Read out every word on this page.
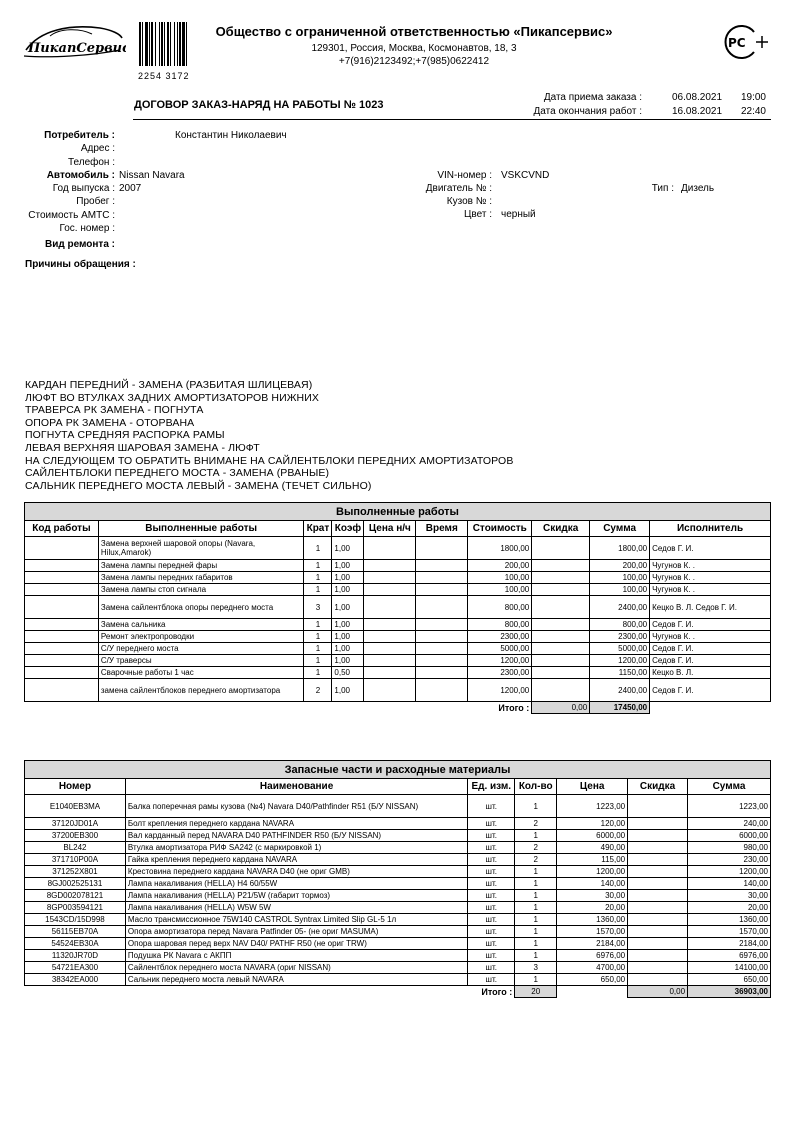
ПикапСервис
2254 3172
Общество с ограниченной ответственностью «Пикапсервис»
129301, Россия, Москва, Космонавтов, 18, 3
+7(916)2123492;+7(985)0622412
РС
ДОГОВОР ЗАКАЗ-НАРЯД НА РАБОТЫ № 1023
Дата приема заказа :	06.08.2021 19:00
Дата окончания работ :	16.08.2021 22:40
Потребитель :	Константин Николаевич
Адрес :
Телефон :
Автомобиль : Nissan Navara
Год выпуска : 2007
Пробег :
Стоимость АМТС :
Гос. номер :
Вид ремонта :
VIN-номер : VSKCVND
Двигатель № :
Кузов № :
Цвет : черный
Тип : Дизель
Причины обращения :
КАРДАН ПЕРЕДНИЙ - ЗАМЕНА (РАЗБИТАЯ ШЛИЦЕВАЯ)
ЛЮФТ ВО ВТУЛКАХ ЗАДНИХ АМОРТИЗАТОРОВ НИЖНИХ
ТРАВЕРСА РК ЗАМЕНА - ПОГНУТА
ОПОРА РК ЗАМЕНА - ОТОРВАНА
ПОГНУТА СРЕДНЯЯ РАСПОРКА РАМЫ
ЛЕВАЯ ВЕРХНЯЯ ШАРОВАЯ ЗАМЕНА - ЛЮФТ
НА СЛЕДУЮЩЕМ ТО ОБРАТИТЬ ВНИМАНЕ НА САЙЛЕНТБЛОКИ ПЕРЕДНИХ АМОРТИЗАТОРОВ
САЙЛЕНТБЛОКИ ПЕРЕДНЕГО МОСТА - ЗАМЕНА (РВАНЫЕ)
САЛЬНИК ПЕРЕДНЕГО МОСТА ЛЕВЫЙ - ЗАМЕНА (ТЕЧЕТ СИЛЬНО)
Выполненные работы									
Код работы	Выполненные работы	Крат	Коэф	Цена н/ч	Время	Стоимость	Скидка	Сумма	Исполнитель
	Замена верхней шаровой опоры (Navara, Hilux,Amarok)	1	1,00			1800,00		1800,00	Седов Г. И.
	Замена лампы передней фары	1	1,00			200,00		200,00	Чугунов К. .
	Замена лампы передних габаритов	1	1,00			100,00		100,00	Чугунов К. .
	Замена лампы стоп сигнала	1	1,00			100,00		100,00	Чугунов К. .
	Замена сайлентблока опоры переднего моста	3	1,00			800,00		2400,00	Кецко В. Л. Седов Г. И.
	Замена сальника	1	1,00			800,00		800,00	Седов Г. И.
	Ремонт электропроводки	1	1,00			2300,00		2300,00	Чугунов К. .
	С/У переднего моста	1	1,00			5000,00		5000,00	Седов Г. И.
	С/У траверсы	1	1,00			1200,00		1200,00	Седов Г. И.
	Сварочные работы 1 час	1	0,50			2300,00		1150,00	Кецко В. Л.
	замена сайлентблоков переднего амортизатора	2	1,00			1200,00		2400,00	Седов Г. И.
Итого :							0,00	17450,00	
Запасные части и расходные материалы						
Номер	Наименование	Ед. изм.	Кол-во	Цена	Скидка	Сумма
E1040EB3MA	Балка поперечная рамы кузова (№4) Navara D40/Pathfinder R51 (Б/У NISSAN)	шт.	1	1223,00		1223,00
37120JD01A	Болт крепления переднего кардана NAVARA	шт.	2	120,00		240,00
37200EB300	Вал карданный перед NAVARA D40 PATHFINDER R50 (Б/У NISSAN)	шт.	1	6000,00		6000,00
BL242	Втулка амортизатора РИФ SA242 (с маркировкой 1)	шт.	2	490,00		980,00
371710P00A	Гайка крепления переднего кардана NAVARA	шт.	2	115,00		230,00
371252X801	Крестовина переднего кардана NAVARA D40 (не ориг GMB)	шт.	1	1200,00		1200,00
8GJ002525131	Лампа накаливания (HELLA) H4 60/55W	шт.	1	140,00		140,00
8GD002078121	Лампа накаливания (HELLA) P21/5W (габарит тормоз)	шт.	1	30,00		30,00
8GP003594121	Лампа накаливания (HELLA) W5W 5W	шт.	1	20,00		20,00
1543CD/15D998	Масло трансмиссионное 75W140 CASTROL Syntrax Limited Slip GL-5 1л	шт.	1	1360,00		1360,00
56115EB70A	Опора амортизатора перед Navara Patfinder 05- (не ориг MASUMA)	шт.	1	1570,00		1570,00
54524EB30A	Опора шаровая перед верх NAV D40/ PATHF R50 (не ориг TRW)	шт.	1	2184,00		2184,00
11320JR70D	Подушка РК Navara с АКПП	шт.	1	6976,00		6976,00
54721EA300	Сайлентблок переднего моста NAVARA (ориг NISSAN)	шт.	3	4700,00		14100,00
38342EA000	Сальник переднего моста левый NAVARA	шт.	1	650,00		650,00
Итого :			20		0,00	36903,00
